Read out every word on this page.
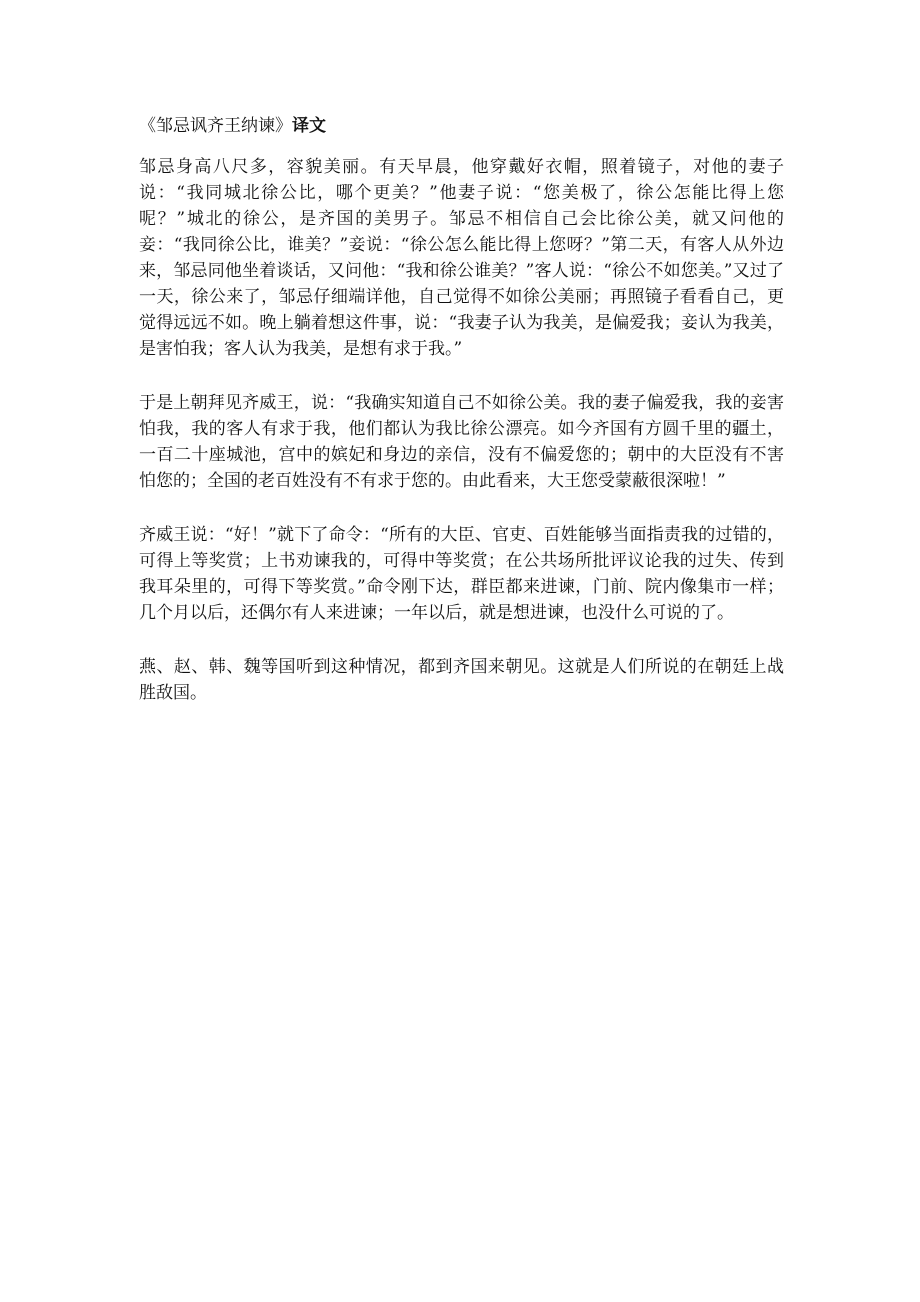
《邹忌讽齐王纳谏》译文

邹忌身高八尺多，容貌美丽。有天早晨，他穿戴好衣帽，照着镜子，对他的妻子说：“我同城北徐公比，哪个更美？”他妻子说：“您美极了，徐公怎能比得上您呢？”城北的徐公，是齐国的美男子。邹忌不相信自己会比徐公美，就又问他的妾：“我同徐公比，谁美？”妾说：“徐公怎么能比得上您呀？”第二天，有客人从外边来，邹忌同他坐着谈话，又问他：“我和徐公谁美？”客人说：“徐公不如您美。”又过了一天，徐公来了，邹忌仔细端详他，自己觉得不如徐公美丽；再照镜子看看自己，更觉得远远不如。晚上躺着想这件事，说：“我妻子认为我美，是偏爱我；妾认为我美，是害怕我；客人认为我美，是想有求于我。”

于是上朝拜见齐威王，说：“我确实知道自己不如徐公美。我的妻子偏爱我，我的妾害怕我，我的客人有求于我，他们都认为我比徐公漂亮。如今齐国有方圆千里的疆土，一百二十座城池，宫中的嫔妃和身边的亲信，没有不偏爱您的；朝中的大臣没有不害怕您的；全国的老百姓没有不有求于您的。由此看来，大王您受蒙蔽很深啦！”

齐威王说：“好！”就下了命令：“所有的大臣、官吏、百姓能够当面指责我的过错的，可得上等奖赏；上书劝谏我的，可得中等奖赏；在公共场所批评议论我的过失、传到我耳朵里的，可得下等奖赏。”命令刚下达，群臣都来进谏，门前、院内像集市一样；几个月以后，还偶尔有人来进谏；一年以后，就是想进谏，也没什么可说的了。

燕、赵、韩、魏等国听到这种情况，都到齐国来朝见。这就是人们所说的在朝廷上战胜敌国。
